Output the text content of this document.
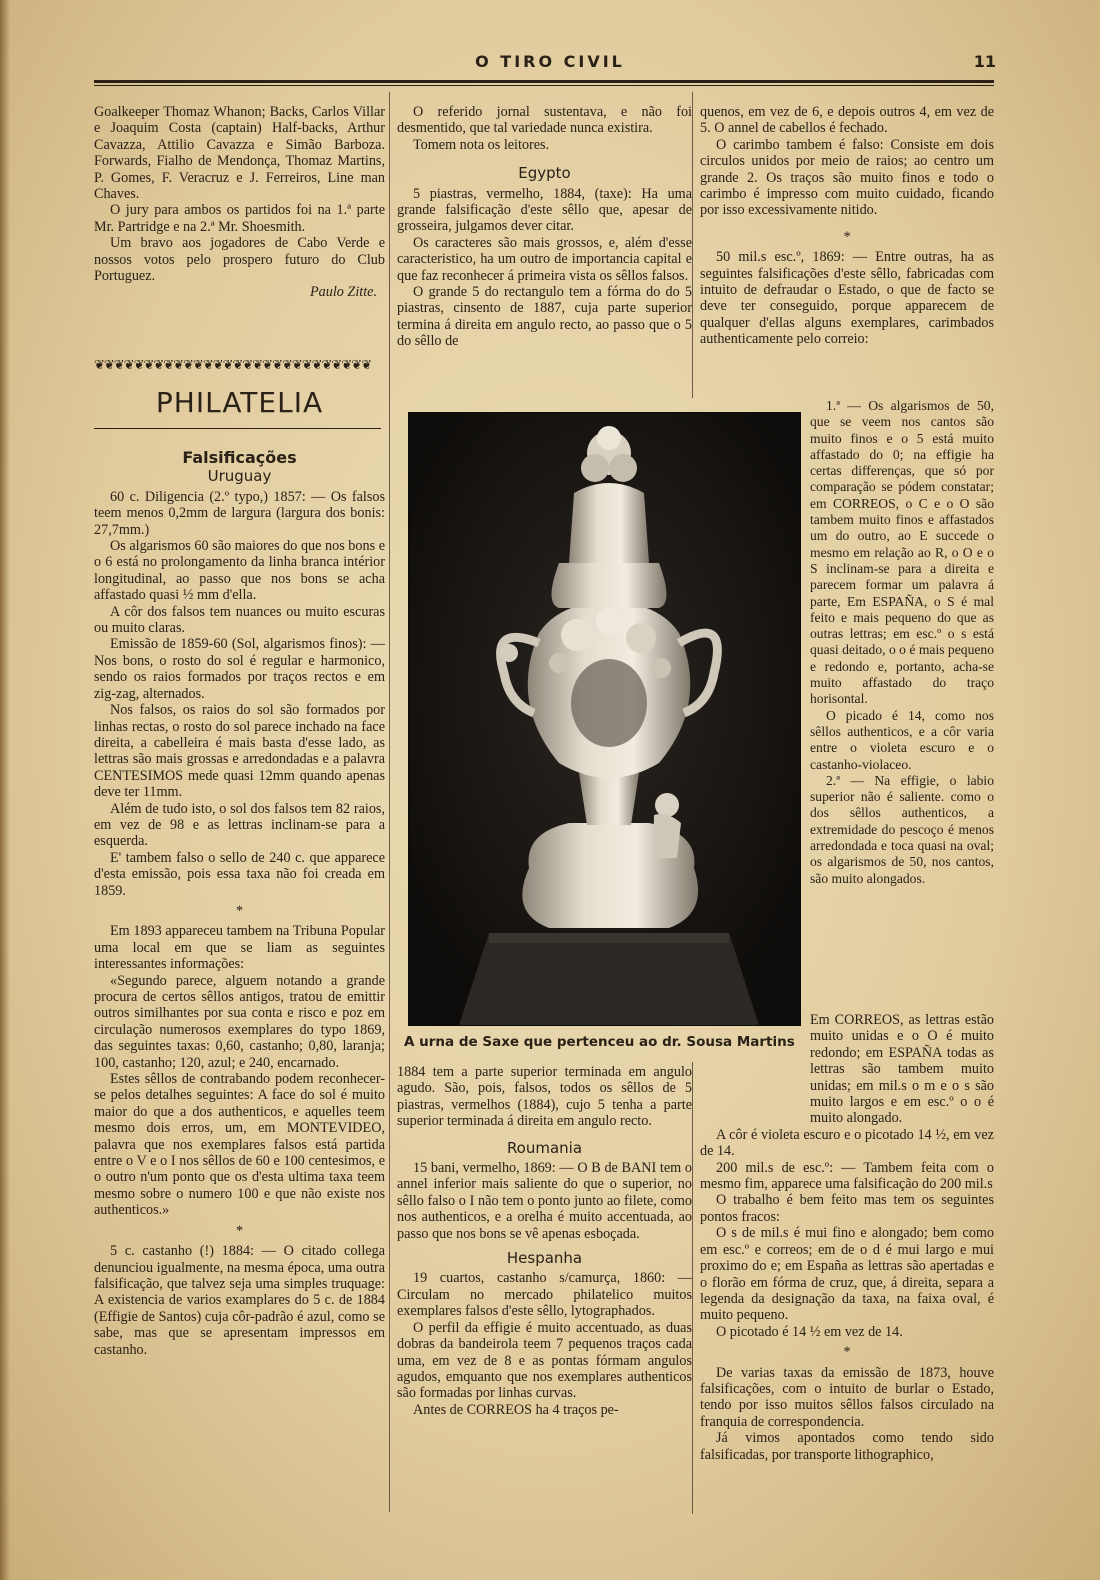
O TIRO CIVIL	11

Goalkeeper Thomaz Whanon; Backs, Carlos Villar e Joaquim Costa (captain) Half-backs, Arthur Cavazza, Attilio Cavazza e Simão Barboza. Forwards, Fialho de Mendonça, Thomaz Martins, P. Gomes, F. Veracruz e J. Ferreiros, Line man Chaves.

O jury para ambos os partidos foi na 1.ª parte Mr. Partridge e na 2.ª Mr. Shoesmith.

Um bravo aos jogadores de Cabo Verde e nossos votos pelo prospero futuro do Club Portuguez.

Paulo Zitte.
❦❦❦❦❦❦❦❦❦❦❦❦❦❦❦❦❦❦❦❦❦❦❦❦❦❦❦❦
PHILATELIA
Falsificações
Uruguay

60 c. Diligencia (2.º typo,) 1857: — Os falsos teem menos 0,2mm de largura (largura dos bonis: 27,7mm.)

Os algarismos 60 são maiores do que nos bons e o 6 está no prolongamento da linha branca intérior longitudinal, ao passo que nos bons se acha affastado quasi ½ mm d'ella.

A côr dos falsos tem nuances ou muito escuras ou muito claras.

Emissão de 1859-60 (Sol, algarismos finos): — Nos bons, o rosto do sol é regular e harmonico, sendo os raios formados por traços rectos e em zig-zag, alternados.

Nos falsos, os raios do sol são formados por linhas rectas, o rosto do sol parece inchado na face direita, a cabelleira é mais basta d'esse lado, as lettras são mais grossas e arredondadas e a palavra CENTESIMOS mede quasi 12mm quando apenas deve ter 11mm.

Além de tudo isto, o sol dos falsos tem 82 raios, em vez de 98 e as lettras inclinam-se para a esquerda.

E' tambem falso o sello de 240 c. que apparece d'esta emissão, pois essa taxa não foi creada em 1859.

*

Em 1893 appareceu tambem na Tribuna Popular uma local em que se liam as seguintes interessantes informações:

«Segundo parece, alguem notando a grande procura de certos sêllos antigos, tratou de emittir outros similhantes por sua conta e risco e poz em circulação numerosos exemplares do typo 1869, das seguintes taxas: 0,60, castanho; 0,80, laranja; 100, castanho; 120, azul; e 240, encarnado.

Estes sêllos de contrabando podem reconhecer-se pelos detalhes seguintes: A face do sol é muito maior do que a dos authenticos, e aquelles teem mesmo dois erros, um, em MONTEVIDEO, palavra que nos exemplares falsos está partida entre o V e o I nos sêllos de 60 e 100 centesimos, e o outro n'um ponto que os d'esta ultima taxa teem mesmo sobre o numero 100 e que não existe nos authenticos.»

*

5 c. castanho (!) 1884: — O citado collega denunciou igualmente, na mesma época, uma outra falsificação, que talvez seja uma simples truquage: A existencia de varios examplares do 5 c. de 1884 (Effigie de Santos) cuja côr-padrão é azul, como se sabe, mas que se apresentam impressos em castanho.

O referido jornal sustentava, e não foi desmentido, que tal variedade nunca existira.

Tomem nota os leitores.

Egypto

5 piastras, vermelho, 1884, (taxe): Ha uma grande falsificação d'este sêllo que, apesar de grosseira, julgamos dever citar.

Os caracteres são mais grossos, e, além d'esse caracteristico, ha um outro de importancia capital e que faz reconhecer á primeira vista os sêllos falsos.

O grande 5 do rectangulo tem a fórma do do 5 piastras, cinsento de 1887, cuja parte superior termina á direita em angulo recto, ao passo que o 5 do sêllo de

A urna de Saxe que pertenceu ao dr. Sousa Martins

1884 tem a parte superior terminada em angulo agudo. São, pois, falsos, todos os sêllos de 5 piastras, vermelhos (1884), cujo 5 tenha a parte superior terminada á direita em angulo recto.

Roumania

15 bani, vermelho, 1869: — O B de BANI tem o annel inferior mais saliente do que o superior, no sêllo falso o I não tem o ponto junto ao filete, como nos authenticos, e a orelha é muito accentuada, ao passo que nos bons se vê apenas esboçada.

Hespanha

19 cuartos, castanho s/camurça, 1860: — Circulam no mercado philatelico muitos exemplares falsos d'este sêllo, lytographados.

O perfil da effigie é muito accentuado, as duas dobras da bandeirola teem 7 pequenos traços cada uma, em vez de 8 e as pontas fórmam angulos agudos, emquanto que nos exemplares authenticos são formadas por linhas curvas.

Antes de CORREOS ha 4 traços pe-

quenos, em vez de 6, e depois outros 4, em vez de 5. O annel de cabellos é fechado.

O carimbo tambem é falso: Consiste em dois circulos unidos por meio de raios; ao centro um grande 2. Os traços são muito finos e todo o carimbo é impresso com muito cuidado, ficando por isso excessivamente nitido.

*

50 mil.s esc.º, 1869: — Entre outras, ha as seguintes falsificações d'este sêllo, fabricadas com intuito de defraudar o Estado, o que de facto se deve ter conseguido, porque apparecem de qualquer d'ellas alguns exemplares, carimbados authenticamente pelo correio:

1.ª — Os algarismos de 50, que se veem nos cantos são muito finos e o 5 está muito affastado do 0; na effigie ha certas differenças, que só por comparação se pódem constatar; em CORREOS, o C e o O são tambem muito finos e affastados um do outro, ao E succede o mesmo em relação ao R, o O e o S inclinam-se para a direita e parecem formar um palavra á parte, Em ESPAÑA, o S é mal feito e mais pequeno do que as outras lettras; em esc.º o s está quasi deitado, o o é mais pequeno e redondo e, portanto, acha-se muito affastado do traço horisontal.

O picado é 14, como nos sêllos authenticos, e a côr varia entre o violeta escuro e o castanho-violaceo.

2.ª — Na effigie, o labio superior não é saliente. como o dos sêllos authenticos, a extremidade do pescoço é menos arredondada e toca quasi na oval; os algarismos de 50, nos cantos, são muito alongados.

Em CORREOS, as lettras estão muito unidas e o O é muito redondo; em ESPAÑA todas as lettras são tambem muito unidas; em mil.s o m e o s são muito largos e em esc.º o o é muito alongado.

A côr é violeta escuro e o picotado 14 ½, em vez de 14.

200 mil.s de esc.º: — Tambem feita com o mesmo fim, apparece uma falsificação do 200 mil.s

O trabalho é bem feito mas tem os seguintes pontos fracos:

O s de mil.s é mui fino e alongado; bem como em esc.º e correos; em de o d é mui largo e mui proximo do e; em España as lettras são apertadas e o florão em fórma de cruz, que, á direita, separa a legenda da designação da taxa, na faixa oval, é muito pequeno.

O picotado é 14 ½ em vez de 14.

*

De varias taxas da emissão de 1873, houve falsificações, com o intuito de burlar o Estado, tendo por isso muitos sêllos falsos circulado na franquia de correspondencia.

Já vimos apontados como tendo sido falsificadas, por transporte lithographico,
